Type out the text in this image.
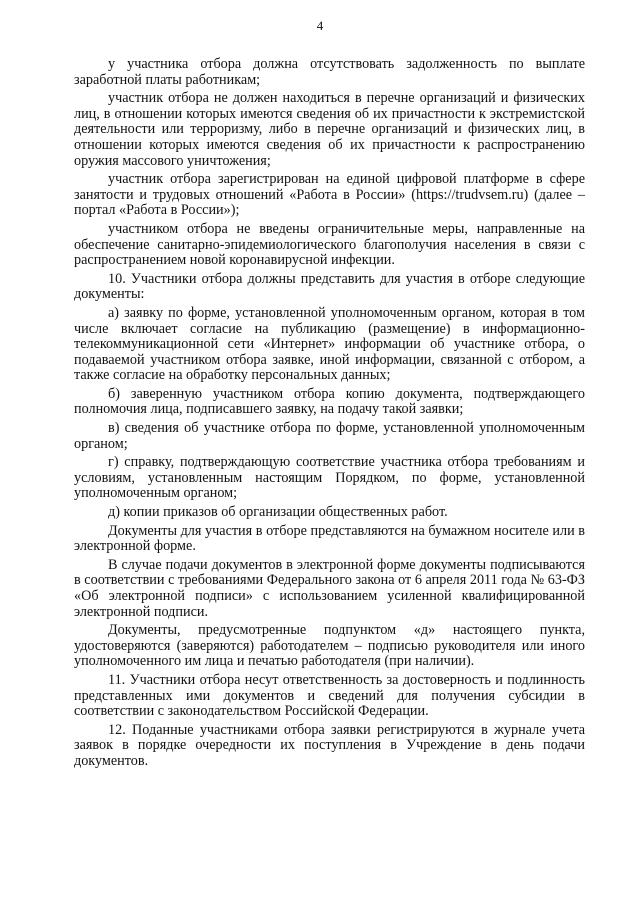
4

у участника отбора должна отсутствовать задолженность по выплате заработной платы работникам;

участник отбора не должен находиться в перечне организаций и физических лиц, в отношении которых имеются сведения об их причастности к экстремистской деятельности или терроризму, либо в перечне организаций и физических лиц, в отношении которых имеются сведения об их причастности к распространению оружия массового уничтожения;

участник отбора зарегистрирован на единой цифровой платформе в сфере занятости и трудовых отношений «Работа в России» (https://trudvsem.ru) (далее – портал «Работа в России»);

участником отбора не введены ограничительные меры, направленные на обеспечение санитарно-эпидемиологического благополучия населения в связи с распространением новой коронавирусной инфекции.

10. Участники отбора должны представить для участия в отборе следующие документы:

а) заявку по форме, установленной уполномоченным органом, которая в том числе включает согласие на публикацию (размещение) в информационно-телекоммуникационной сети «Интернет» информации об участнике отбора, о подаваемой участником отбора заявке, иной информации, связанной с отбором, а также согласие на обработку персональных данных;

б) заверенную участником отбора копию документа, подтверждающего полномочия лица, подписавшего заявку, на подачу такой заявки;

в) сведения об участнике отбора по форме, установленной уполномоченным органом;

г) справку, подтверждающую соответствие участника отбора требованиям и условиям, установленным настоящим Порядком, по форме, установленной уполномоченным органом;

д) копии приказов об организации общественных работ.

Документы для участия в отборе представляются на бумажном носителе или в электронной форме.

В случае подачи документов в электронной форме документы подписываются в соответствии с требованиями Федерального закона от 6 апреля 2011 года № 63-ФЗ «Об электронной подписи» с использованием усиленной квалифицированной электронной подписи.

Документы, предусмотренные подпунктом «д» настоящего пункта, удостоверяются (заверяются) работодателем – подписью руководителя или иного уполномоченного им лица и печатью работодателя (при наличии).

11. Участники отбора несут ответственность за достоверность и подлинность представленных ими документов и сведений для получения субсидии в соответствии с законодательством Российской Федерации.

12. Поданные участниками отбора заявки регистрируются в журнале учета заявок в порядке очередности их поступления в Учреждение в день подачи документов.
